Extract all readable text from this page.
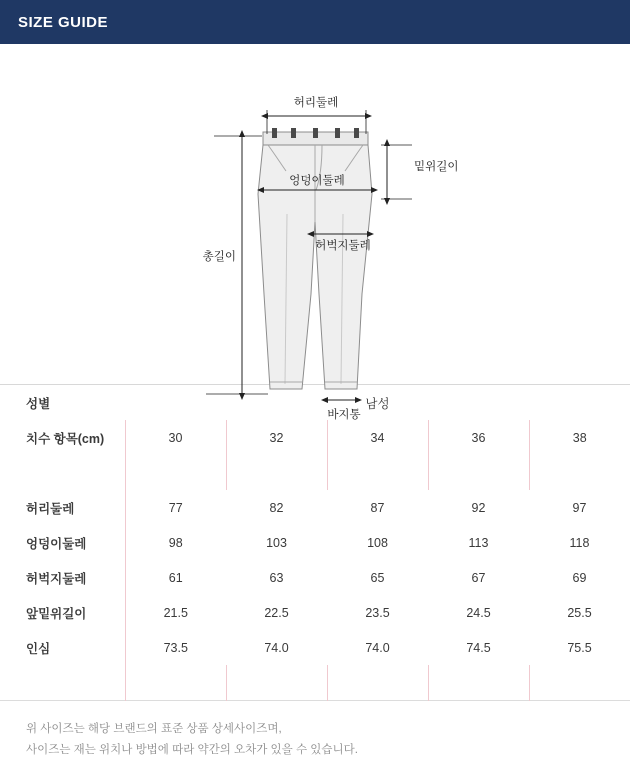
SIZE GUIDE
허리둘레
엉덩이둘레
밑위길이
허벅지둘레
총길이
바지통
성별	남성				
치수 항목(cm)	30	32	34	36	38

허리둘레	77	82	87	92	97
엉덩이둘레	98	103	108	113	118
허벅지둘레	61	63	65	67	69
앞밑위길이	21.5	22.5	23.5	24.5	25.5
인심	73.5	74.0	74.0	74.5	75.5

위 사이즈는 해당 브랜드의 표준 상품 상세사이즈며,
사이즈는 재는 위치나 방법에 따라 약간의 오차가 있을 수 있습니다.
